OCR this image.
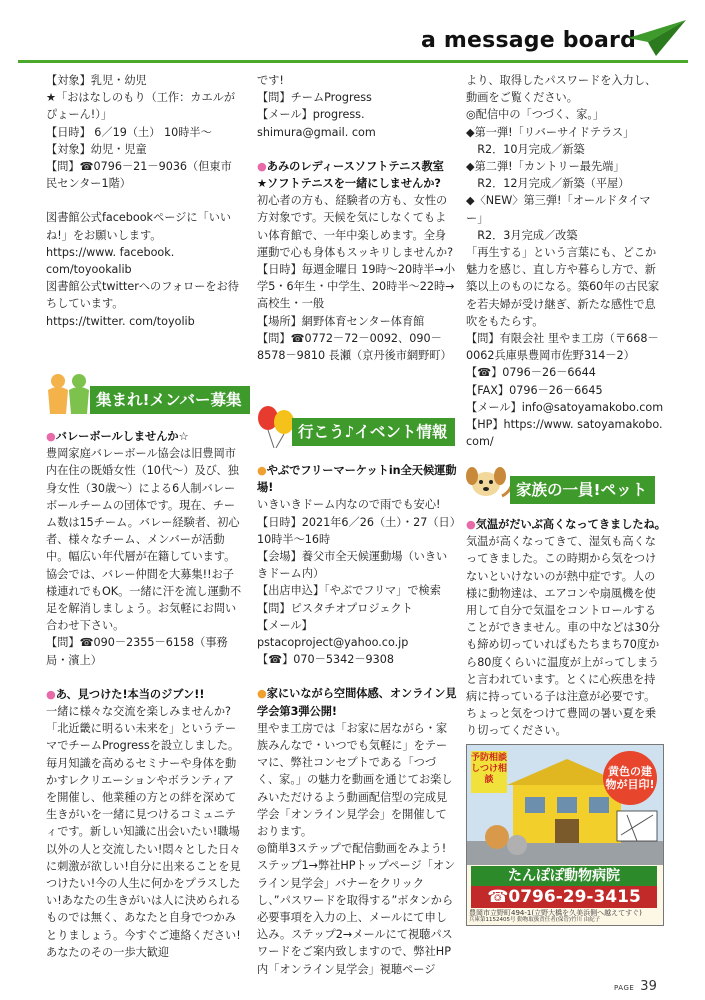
a message board

【対象】乳児・幼児

★「おはなしのもり（工作：カエルがぴょーん!）」

【日時】 6／19（土） 10時半～

【対象】幼児・児童

【問】☎0796－21－9036（但東市民センター1階）

図書館公式facebookページに「いいね!」をお願いします。

https://www. facebook. com/toyookalib

図書館公式twitterへのフォローをお待ちしています。

https://twitter. com/toyolib

集まれ!メンバー募集

●バレーボールしませんか☆

豊岡家庭バレーボール協会は旧豊岡市内在住の既婚女性（10代～）及び、独身女性（30歳～）による6人制バレーボールチームの団体です。現在、チーム数は15チーム。バレー経験者、初心者、様々なチーム、メンバーが活動中。幅広い年代層が在籍しています。協会では、バレー仲間を大募集!!お子様連れでもOK。一緒に汗を流し運動不足を解消しましょう。お気軽にお問い合わせ下さい。

【問】☎090－2355－6158（事務局・濱上）

●あ、見つけた!本当のジブン!!

一緒に様々な交流を楽しみませんか?「北近畿に明るい未来を」というテーマでチームProgressを設立しました。毎月知識を高めるセミナーや身体を動かすレクリエーションやボランティアを開催し、他業種の方との絆を深めて生きがいを一緒に見つけるコミュニティです。新しい知識に出会いたい!職場以外の人と交流したい!悶々とした日々に刺激が欲しい!自分に出来ることを見つけたい!今の人生に何かをプラスしたい!あなたの生きがいは人に決められるものでは無く、あなたと自身でつかみとりましょう。今すぐご連絡ください!あなたのその一歩大歓迎

です!

【問】チームProgress

【メール】progress. shimura@gmail. com

●あみのレディースソフトテニス教室

★ソフトテニスを一緒にしませんか?

初心者の方も、経験者の方も、女性の方対象です。天候を気にしなくてもよい体育館で、一年中楽しめます。全身運動で心も身体もスッキリしませんか?

【日時】毎週金曜日 19時～20時半→小学5・6年生・中学生、20時半～22時→高校生・一般

【場所】網野体育センター体育館

【問】☎0772－72－0092、090－8578－9810 長瀬（京丹後市網野町）

行こう♪イベント情報

●やぶでフリーマーケットin全天候運動場!

いきいきドーム内なので雨でも安心!

【日時】2021年6／26（土）・27（日）10時半～16時

【会場】養父市全天候運動場（いきいきドーム内）

【出店申込】「やぶでフリマ」で検索

【問】ピスタチオプロジェクト

【メール】pstacoproject@yahoo.co.jp

【☎】070－5342－9308

●家にいながら空間体感、オンライン見学会第3弾公開!

里やま工房では「お家に居ながら・家族みんなで・いつでも気軽に」をテーマに、弊社コンセプトである「つづく、家。」の魅力を動画を通じてお楽しみいただけるよう動画配信型の完成見学会「オンライン見学会」を開催しております。

◎簡単3ステップで配信動画をみよう!ステップ1→弊社HPトップページ「オンライン見学会」バナーをクリックし、”パスワードを取得する”ボタンから必要事項を入力の上、メールにて申し込み。ステップ2→メールにて視聴パスワードをご案内致しますので、弊社HP内「オンライン見学会」視聴ページ

より、取得したパスワードを入力し、動画をご覧ください。

◎配信中の「つづく、家。」

◆第一弾!「リバーサイドテラス」

　R2．10月完成／新築

◆第二弾!「カントリー最先端」

　R2．12月完成／新築（平屋）

◆〈NEW〉第三弾!「オールドタイマー」

　R2．3月完成／改築

「再生する」という言葉にも、どこか魅力を感じ、直し方や暮らし方で、新築以上のものになる。築60年の古民家を若夫婦が受け継ぎ、新たな感性で息吹をもたらす。

【問】有限会社 里やま工房（〒668－0062兵庫県豊岡市佐野314－2）

【☎】0796－26－6644

【FAX】0796－26－6645

【メール】info@satoyamakobo.com

【HP】https://www. satoyamakobo. com/

家族の一員!ペット

●気温がだいぶ高くなってきましたね。

気温が高くなってきて、湿気も高くなってきました。この時期から気をつけないといけないのが熱中症です。人の様に動物達は、エアコンや扇風機を使用して自分で気温をコントロールすることができません。車の中などは30分も締め切っていればもたちまち70度から80度くらいに温度が上がってしまうと言われています。とくに心疾患を持病に持っている子は注意が必要です。ちょっと気をつけて豊岡の暑い夏を乗り切ってください。

予防相談 しつけ相談
黄色の建物が目印!
たんぽぽ動物病院
☎0796-29-3415
豊岡市立野町494-1(立野大橋を久美浜側へ越えてすぐ)
兵庫第1152405号 動物取扱責任者(保管)竹川 由紀子
PAGE 39
